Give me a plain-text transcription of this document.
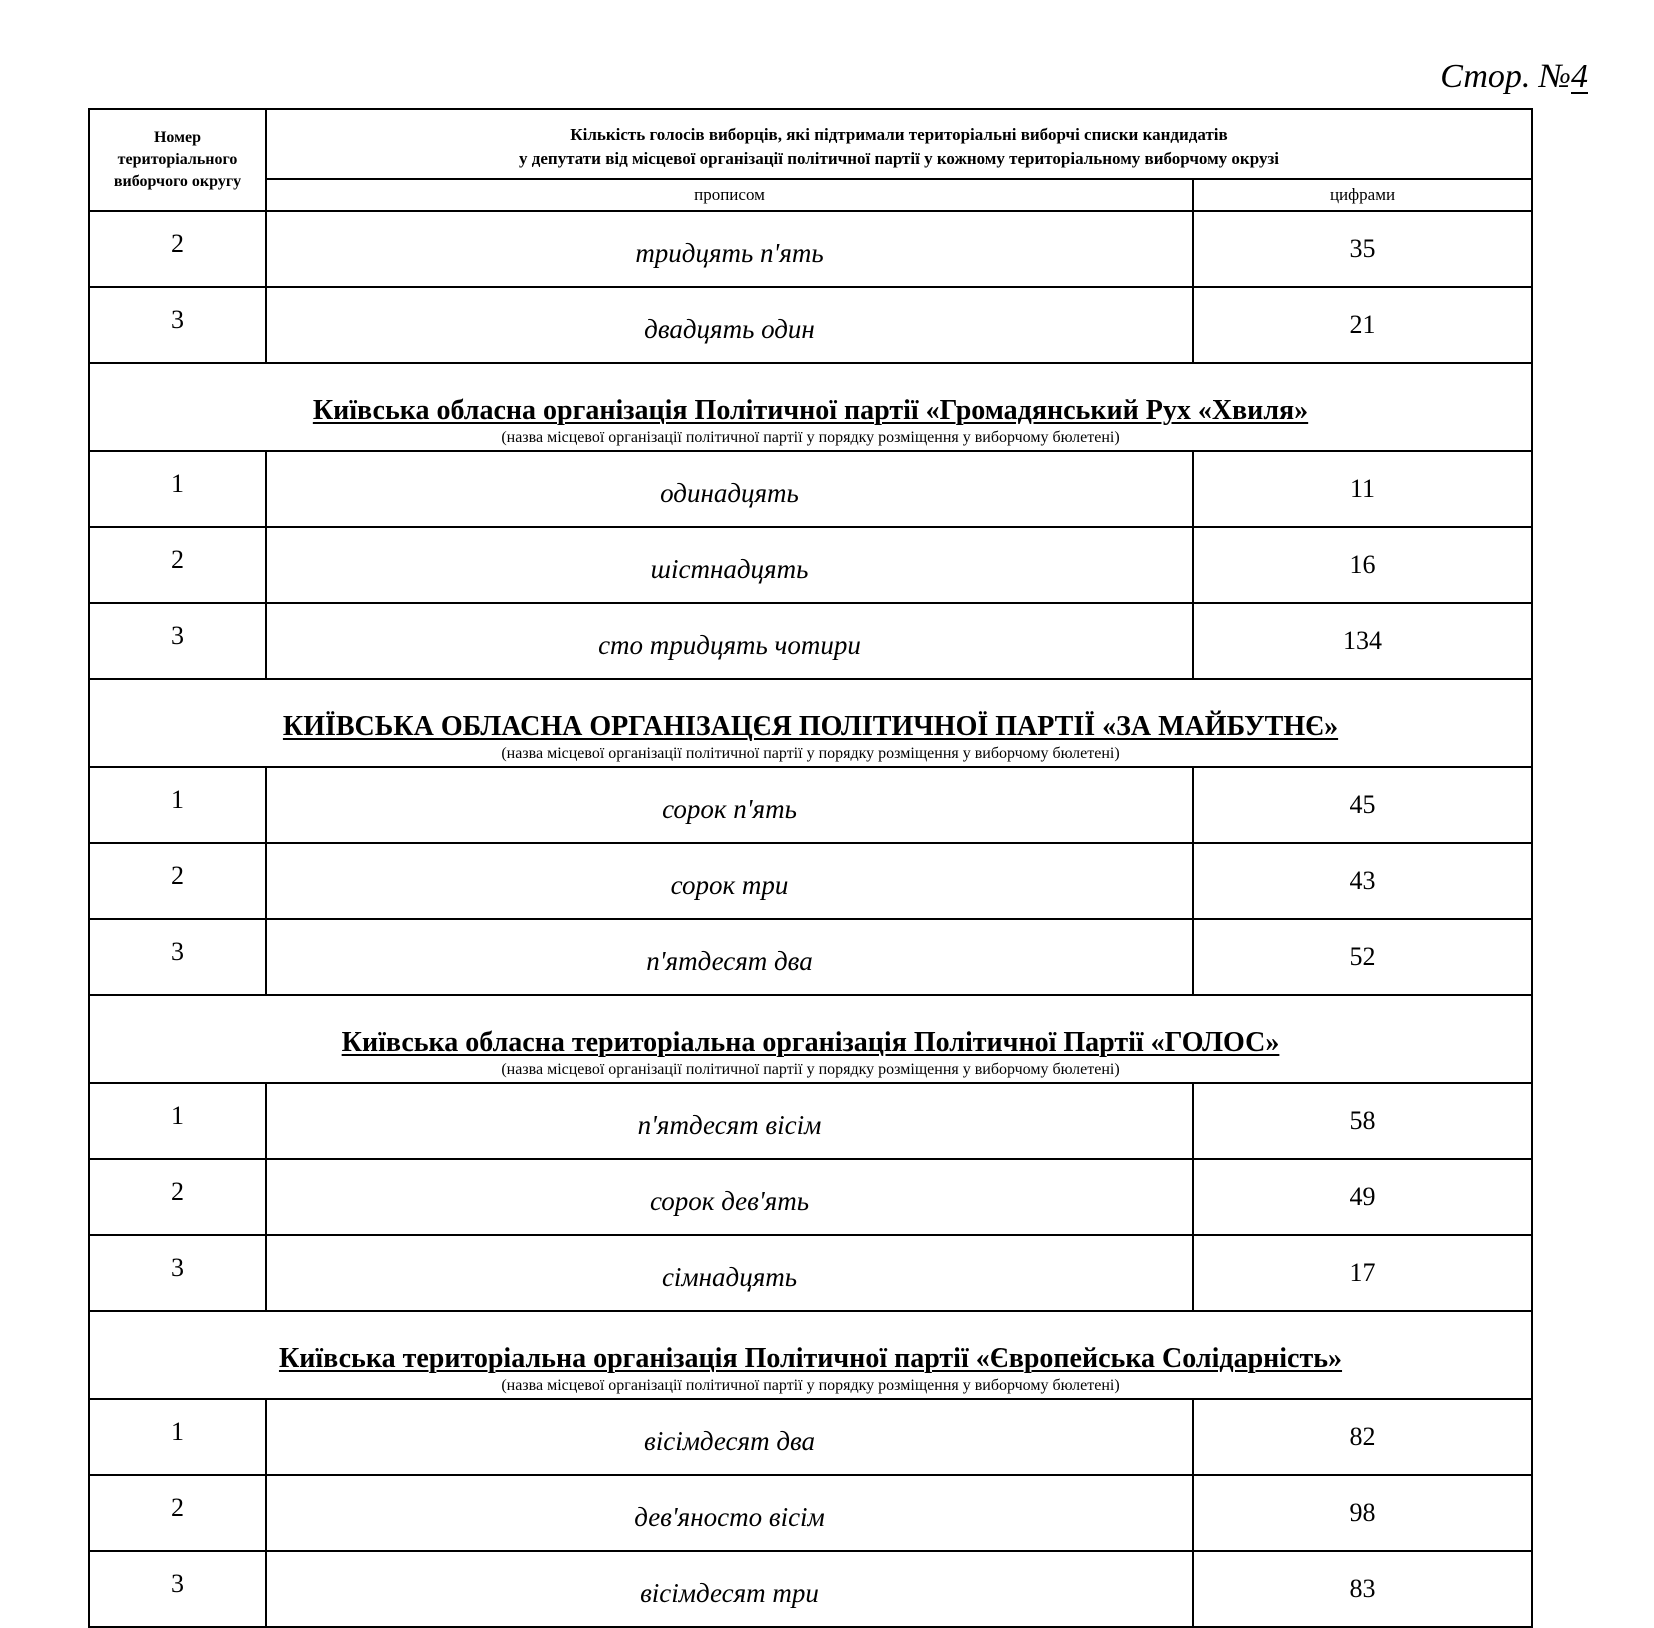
Стор. №4
Номер територіального виборчого округу	Кількість голосів виборців, які підтримали територіальні виборчі списки кандидатів
у депутати від місцевої організації політичної партії у кожному територіальному виборчому окрузі	

	прописом	цифрами
2	тридцять п'ять	35
3	двадцять один	21

Київська обласна організація Політичної партії «Громадянський Рух «Хвиля»
(назва місцевої організації політичної партії у порядку розміщення у виборчому бюлетені)		

1	одинадцять	11
2	шістнадцять	16
3	сто тридцять чотири	134

КИЇВСЬКА ОБЛАСНА ОРГАНІЗАЦЄЯ ПОЛІТИЧНОЇ ПАРТІЇ «ЗА МАЙБУТНЄ»
(назва місцевої організації політичної партії у порядку розміщення у виборчому бюлетені)		

1	сорок п'ять	45
2	сорок три	43
3	п'ятдесят два	52

Київська обласна територіальна організація Політичної Партії «ГОЛОС»
(назва місцевої організації політичної партії у порядку розміщення у виборчому бюлетені)		

1	п'ятдесят вісім	58
2	сорок дев'ять	49
3	сімнадцять	17

Київська територіальна організація Політичної партії «Європейська Солідарність»
(назва місцевої організації політичної партії у порядку розміщення у виборчому бюлетені)		

1	вісімдесят два	82
2	дев'яносто вісім	98
3	вісімдесят три	83
